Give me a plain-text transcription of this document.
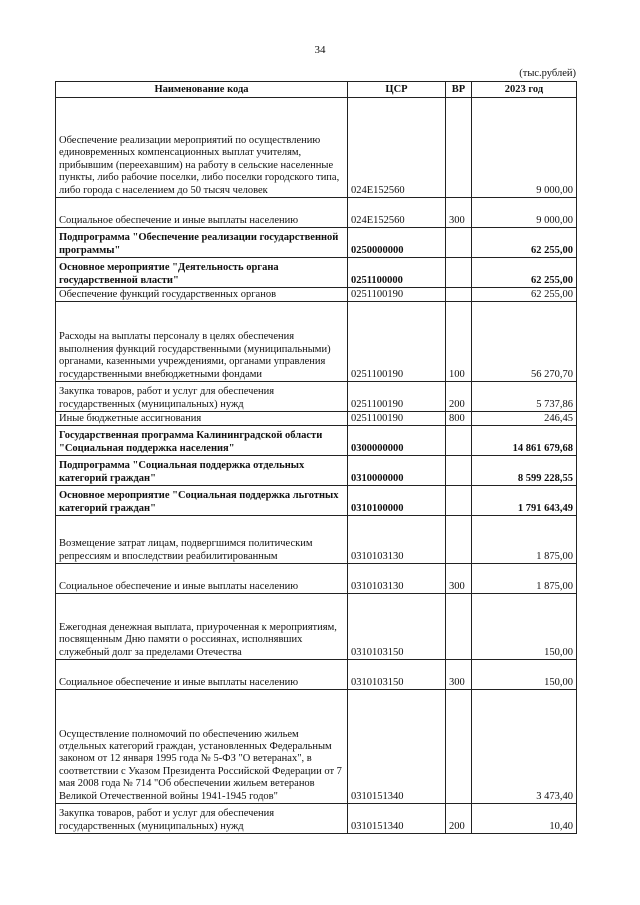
34
(тыс.рублей)
Наименование кода	ЦСР	ВР	2023 год
Обеспечение реализации мероприятий по осуществлению единовременных компенсационных выплат учителям, прибывшим (переехавшим) на работу в сельские населенные пункты, либо рабочие поселки, либо поселки городского типа, либо города с населением до 50 тысяч человек	024E152560		9 000,00
Социальное обеспечение и иные выплаты населению	024E152560	300	9 000,00
Подпрограмма "Обеспечение реализации государственной программы"	0250000000		62 255,00
Основное мероприятие "Деятельность органа государственной власти"	0251100000		62 255,00
Обеспечение функций государственных органов	0251100190		62 255,00
Расходы на выплаты персоналу в целях обеспечения выполнения функций государственными (муниципальными) органами, казенными учреждениями, органами управления государственными внебюджетными фондами	0251100190	100	56 270,70
Закупка товаров, работ и услуг для обеспечения государственных (муниципальных) нужд	0251100190	200	5 737,86
Иные бюджетные ассигнования	0251100190	800	246,45
Государственная программа Калининградской области "Социальная поддержка населения"	0300000000		14 861 679,68
Подпрограмма "Социальная поддержка отдельных категорий граждан"	0310000000		8 599 228,55
Основное мероприятие "Социальная поддержка льготных категорий граждан"	0310100000		1 791 643,49
Возмещение затрат лицам, подвергшимся политическим репрессиям и впоследствии реабилитированным	0310103130		1 875,00
Социальное обеспечение и иные выплаты населению	0310103130	300	1 875,00
Ежегодная денежная выплата, приуроченная к мероприятиям, посвященным Дню памяти о россиянах, исполнявших служебный долг за пределами Отечества	0310103150		150,00
Социальное обеспечение и иные выплаты населению	0310103150	300	150,00
Осуществление полномочий по обеспечению жильем отдельных категорий граждан, установленных Федеральным законом от 12 января 1995 года № 5-ФЗ "О ветеранах", в соответствии с Указом Президента Российской Федерации от 7 мая 2008 года № 714 "Об обеспечении жильем ветеранов Великой Отечественной войны 1941-1945 годов"	0310151340		3 473,40
Закупка товаров, работ и услуг для обеспечения государственных (муниципальных) нужд	0310151340	200	10,40
